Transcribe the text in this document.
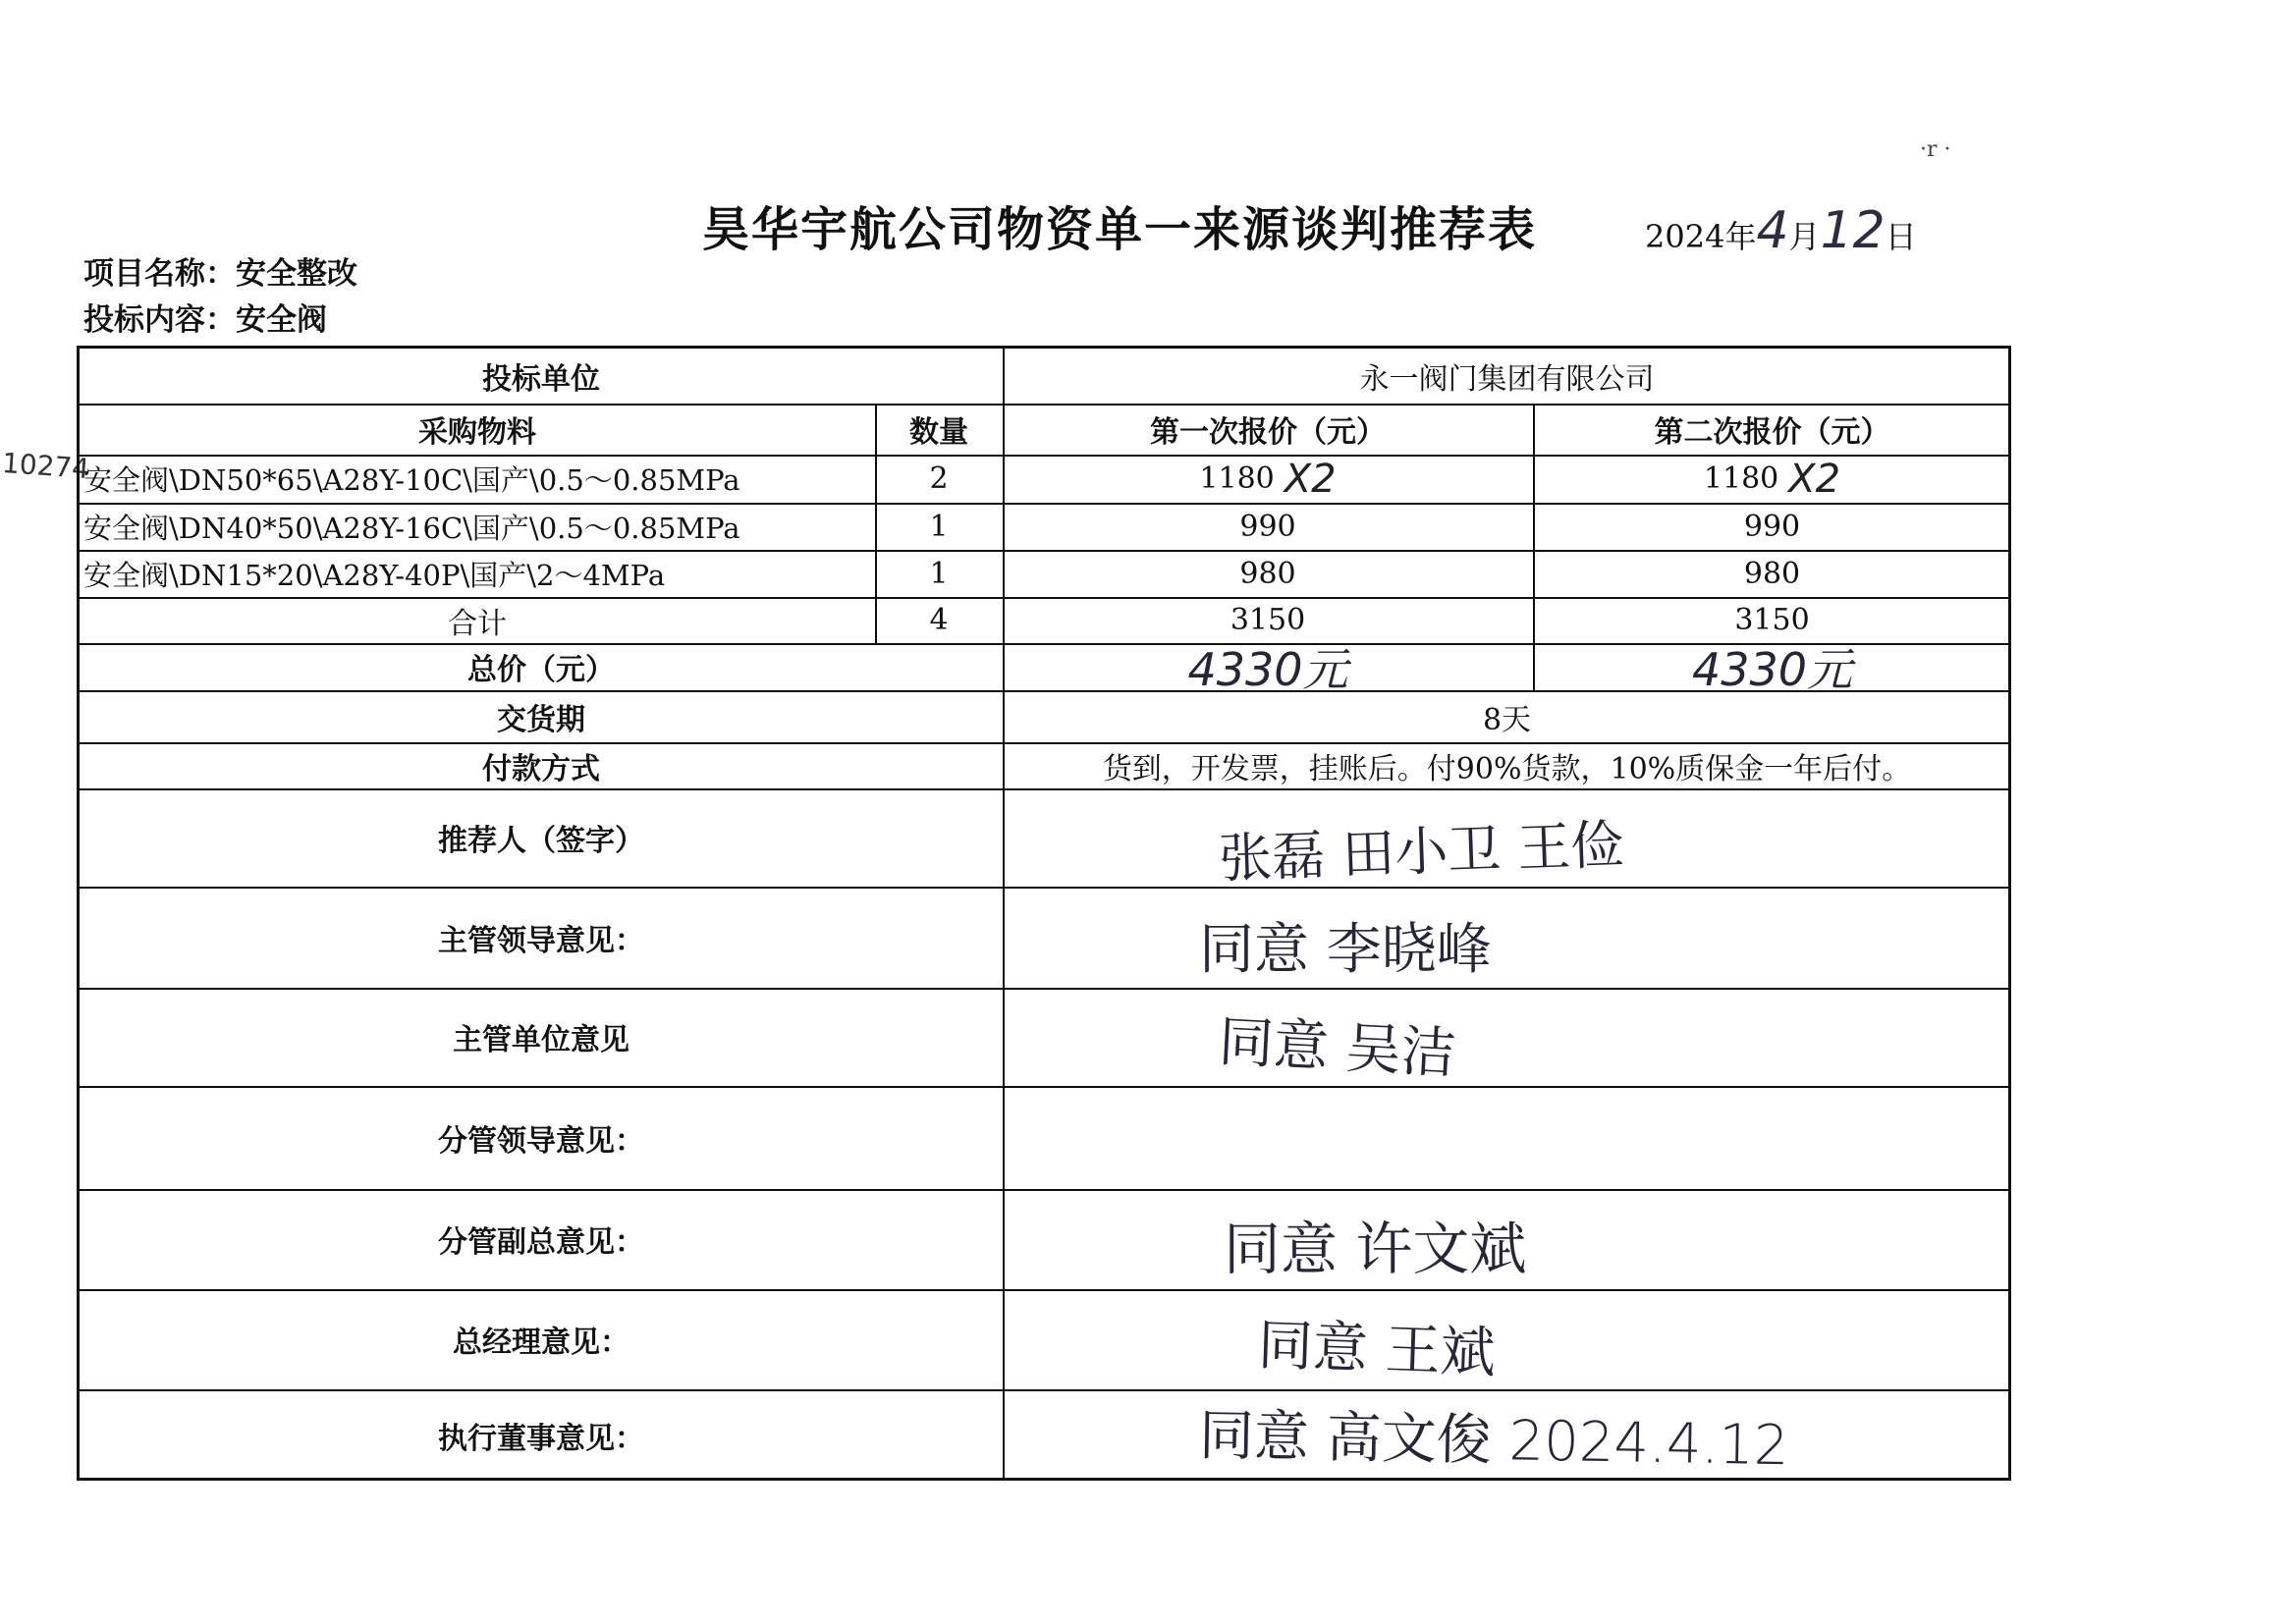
昊华宇航公司物资单一来源谈判推荐表	2024年4月12日
·r ·
项目名称：安全整改
投标内容：安全阀
10274
投标单位	永一阀门集团有限公司
采购物料	数量	第一次报价（元）	第二次报价（元）
安全阀\DN50*65\A28Y-10C\国产\0.5～0.85MPa	2	1180 X2	1180 X2
安全阀\DN40*50\A28Y-16C\国产\0.5～0.85MPa	1	990	990
安全阀\DN15*20\A28Y-40P\国产\2～4MPa	1	980	980
合计	4	3150	3150
总价（元）	4330元	4330元
交货期	8天
付款方式	货到，开发票，挂账后。付90%货款，10%质保金一年后付。
推荐人（签字）	张磊 田小卫 王俭
主管领导意见：	同意 李晓峰
主管单位意见	同意 吴洁
分管领导意见：
分管副总意见：	同意 许文斌
总经理意见：	同意 王斌
执行董事意见：	同意 高文俊 2024.4.12
